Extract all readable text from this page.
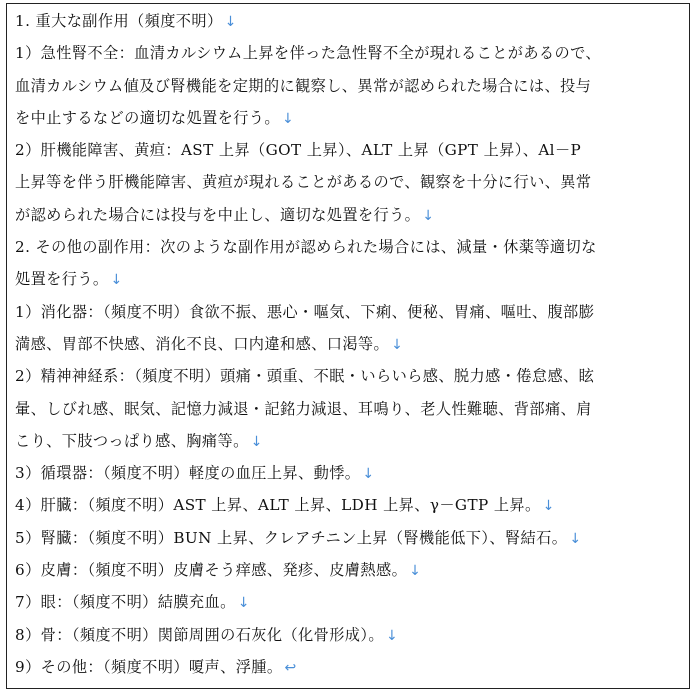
1. 重大な副作用（頻度不明） ↓
1）急性腎不全：血清カルシウム上昇を伴った急性腎不全が現れることがあるので、
血清カルシウム値及び腎機能を定期的に観察し、異常が認められた場合には、投与
を中止するなどの適切な処置を行う。 ↓
2）肝機能障害、黄疸：AST 上昇（GOT 上昇）、ALT 上昇（GPT 上昇）、Al－P
上昇等を伴う肝機能障害、黄疸が現れることがあるので、観察を十分に行い、異常
が認められた場合には投与を中止し、適切な処置を行う。 ↓
2. その他の副作用：次のような副作用が認められた場合には、減量・休薬等適切な
処置を行う。 ↓
1）消化器：（頻度不明）食欲不振、悪心・嘔気、下痢、便秘、胃痛、嘔吐、腹部膨
満感、胃部不快感、消化不良、口内違和感、口渇等。 ↓
2）精神神経系：（頻度不明）頭痛・頭重、不眠・いらいら感、脱力感・倦怠感、眩
暈、しびれ感、眠気、記憶力減退・記銘力減退、耳鳴り、老人性難聴、背部痛、肩
こり、下肢つっぱり感、胸痛等。 ↓
3）循環器：（頻度不明）軽度の血圧上昇、動悸。 ↓
4）肝臓：（頻度不明）AST 上昇、ALT 上昇、LDH 上昇、γ－GTP 上昇。 ↓
5）腎臓：（頻度不明）BUN 上昇、クレアチニン上昇（腎機能低下）、腎結石。 ↓
6）皮膚：（頻度不明）皮膚そう痒感、発疹、皮膚熱感。 ↓
7）眼：（頻度不明）結膜充血。 ↓
8）骨：（頻度不明）関節周囲の石灰化（化骨形成）。 ↓
9）その他：（頻度不明）嗄声、浮腫。 ↩
